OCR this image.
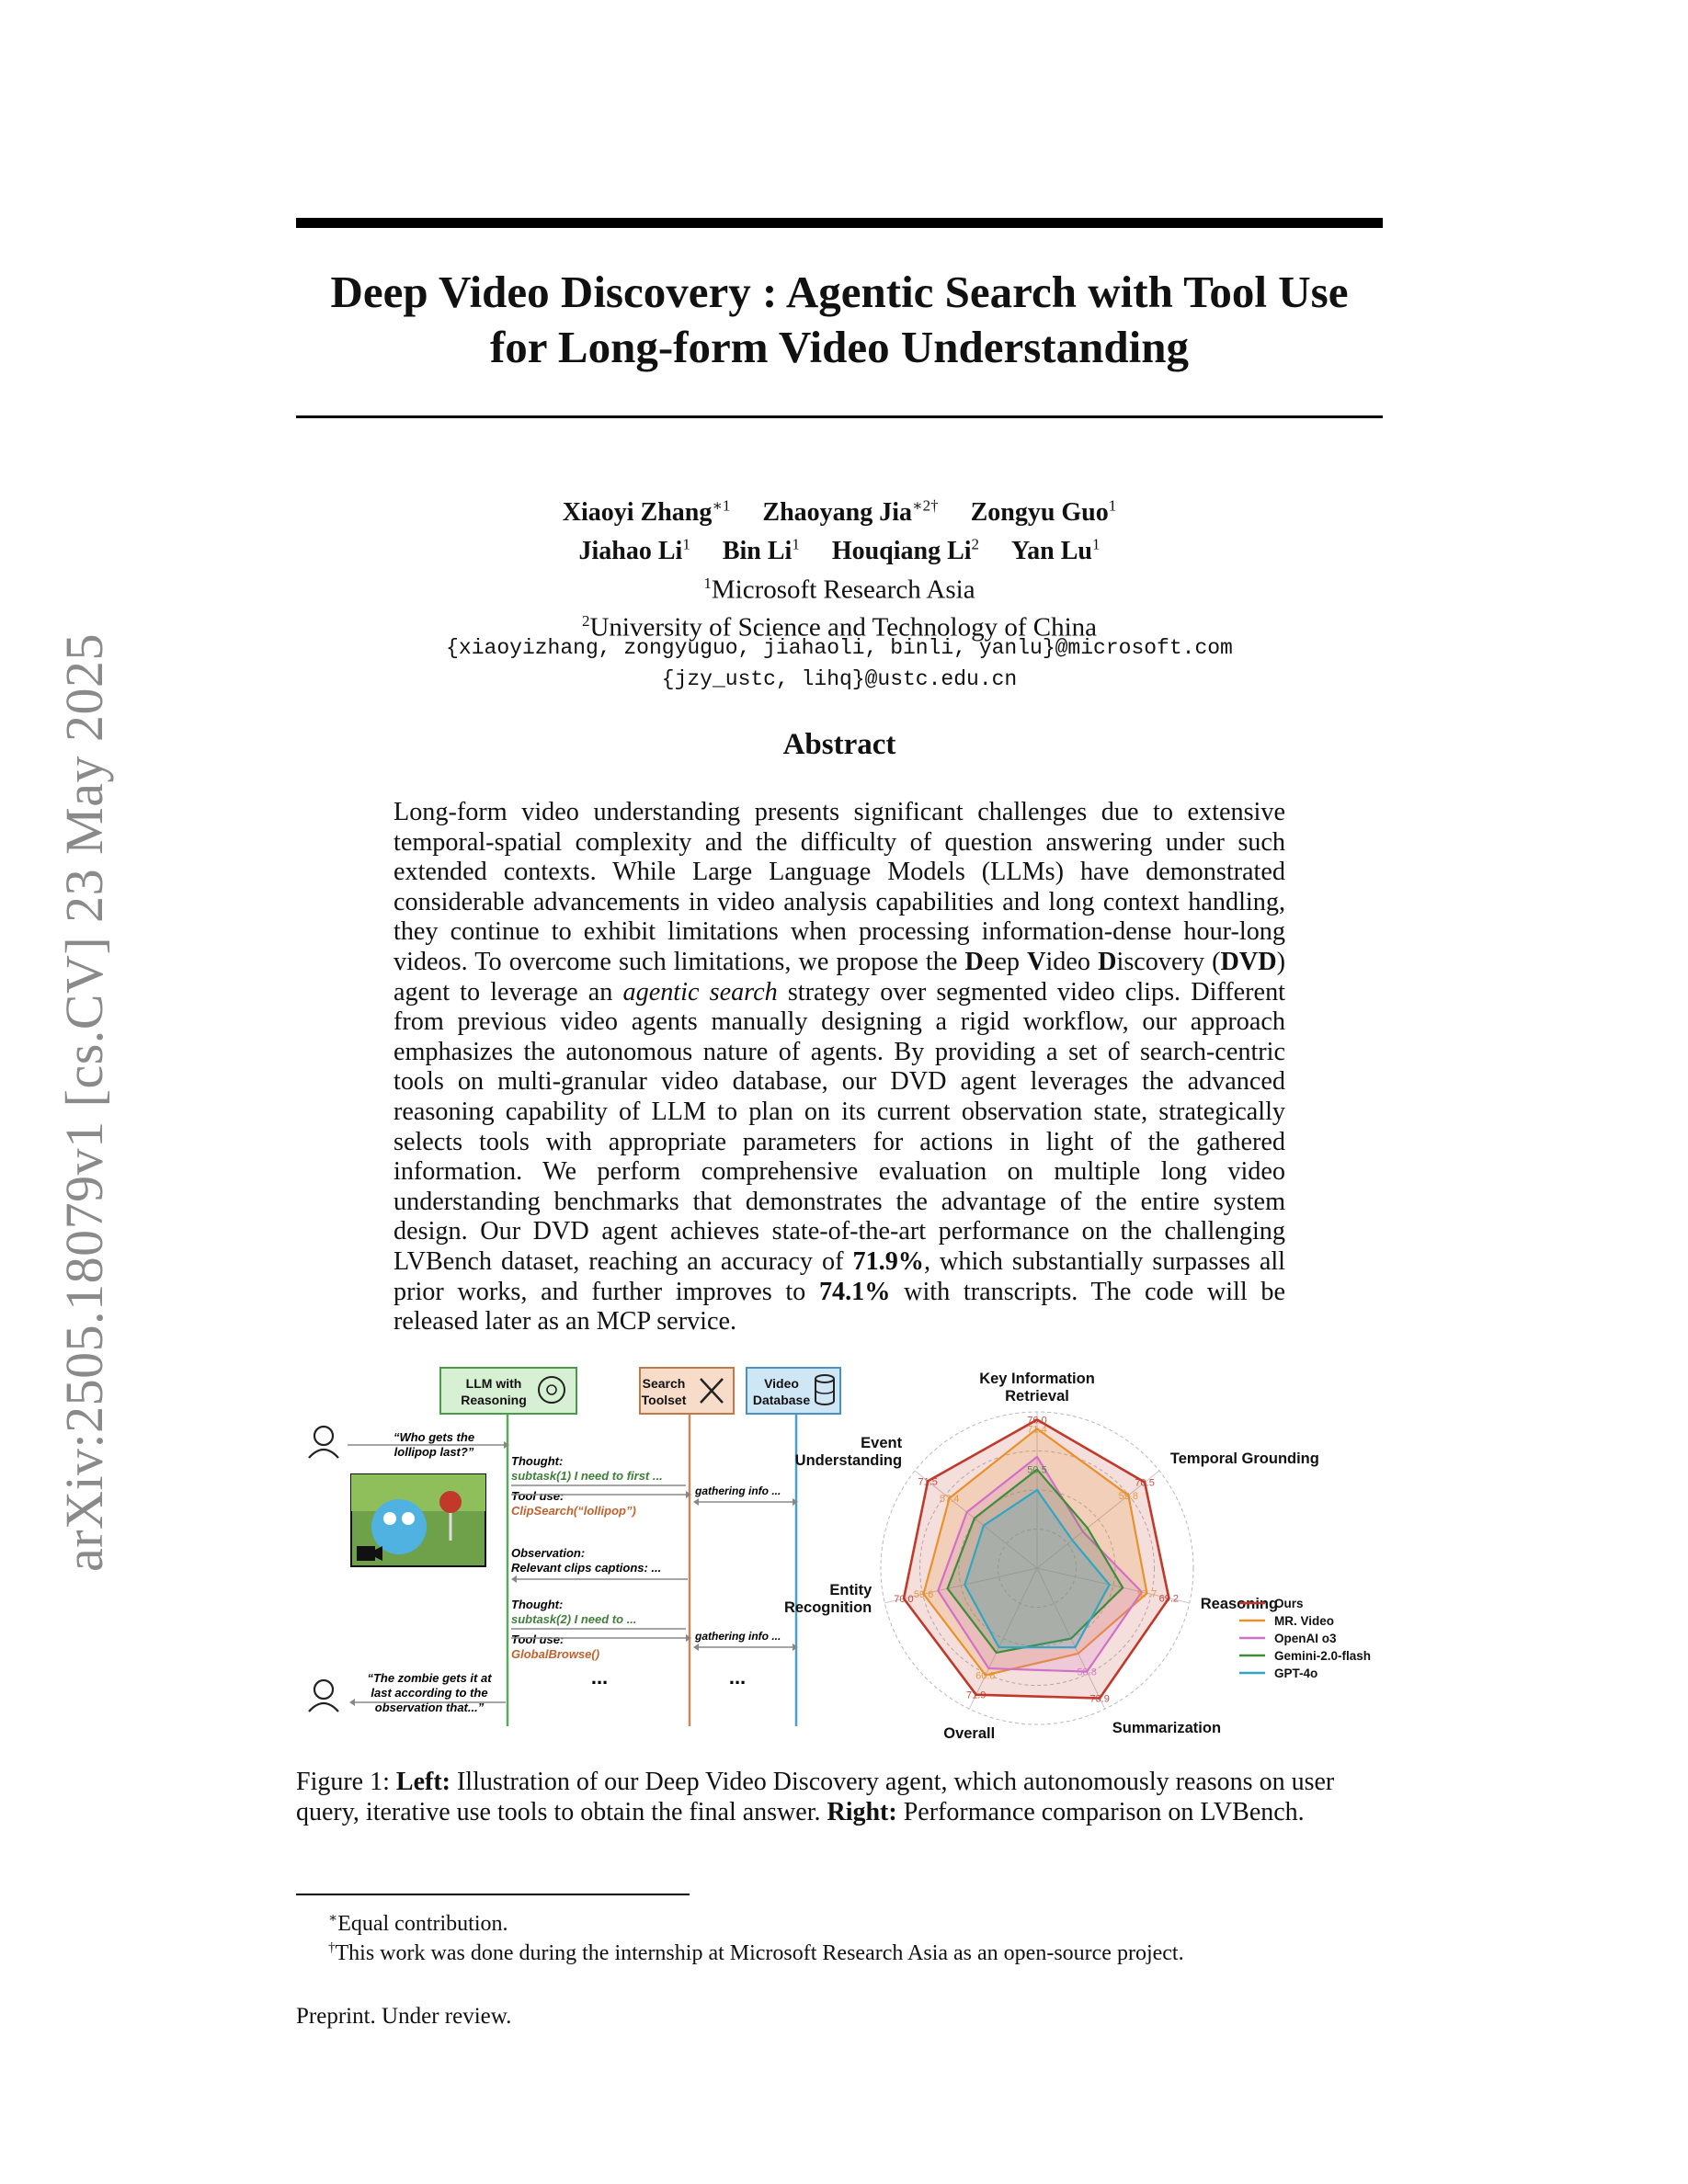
arXiv:2505.18079v1 [cs.CV] 23 May 2025
Deep Video Discovery : Agentic Search with Tool Use
for Long-form Video Understanding
Xiaoyi Zhang$^{∗1}$ Zhaoyang Jia$^{∗2\dagger}$ Zongyu Guo$^1$
Jiahao Li$^1$ Bin Li$^1$ Houqiang Li$^2$ Yan Lu$^1$
$^1$Microsoft Research Asia
$^2$University of Science and Technology of China
{xiaoyizhang, zongyuguo, jiahaoli, binli, yanlu}@microsoft.com
{jzy_ustc, lihq}@ustc.edu.cn
Abstract
Long-form video understanding presents significant challenges due to extensive temporal-spatial complexity and the difficulty of question answering under such extended contexts. While Large Language Models (LLMs) have demonstrated considerable advancements in video analysis capabilities and long context handling, they continue to exhibit limitations when processing information-dense hour-long videos. To overcome such limitations, we propose the Deep Video Discovery (DVD) agent to leverage an agentic search strategy over segmented video clips. Different from previous video agents manually designing a rigid workflow, our approach emphasizes the autonomous nature of agents. By providing a set of search-centric tools on multi-granular video database, our DVD agent leverages the advanced reasoning capability of LLM to plan on its current observation state, strategically selects tools with appropriate parameters for actions in light of the gathered information. We perform comprehensive evaluation on multiple long video understanding benchmarks that demonstrates the advantage of the entire system design. Our DVD agent achieves state-of-the-art performance on the challenging LVBench dataset, reaching an accuracy of 71.9%, which substantially surpasses all prior works, and further improves to 74.1% with transcripts. The code will be released later as an MCP service.
LLM with
Reasoning
Search
Toolset
Video
Database
“Who gets the
lollipop last?”
Thought:
subtask(1) I need to first ...
Tool use:
ClipSearch(“lollipop”)
gathering info ...
Observation:
Relevant clips captions: ...
Thought:
subtask(2) I need to ...
Tool use:
GlobalBrowse()
gathering info ...
...	...
“The zombie gets it at
last according to the
observation that...”
Key Information
Retrieval
Temporal Grounding
Reasoning
Summarization
Overall
Entity
Recognition
Event
Understanding
76.0
71.4
70.5
59.8
69.2
57.7
73.9
58.8
71.9
60.8
70.0 59.6
71.5
57.4
50.5
Ours
MR. Video
OpenAI o3
Gemini-2.0-flash
GPT-4o
Figure 1: Left: Illustration of our Deep Video Discovery agent, which autonomously reasons on user query, iterative use tools to obtain the final answer. Right: Performance comparison on LVBench.
∗Equal contribution.
†This work was done during the internship at Microsoft Research Asia as an open-source project.
Preprint. Under review.
